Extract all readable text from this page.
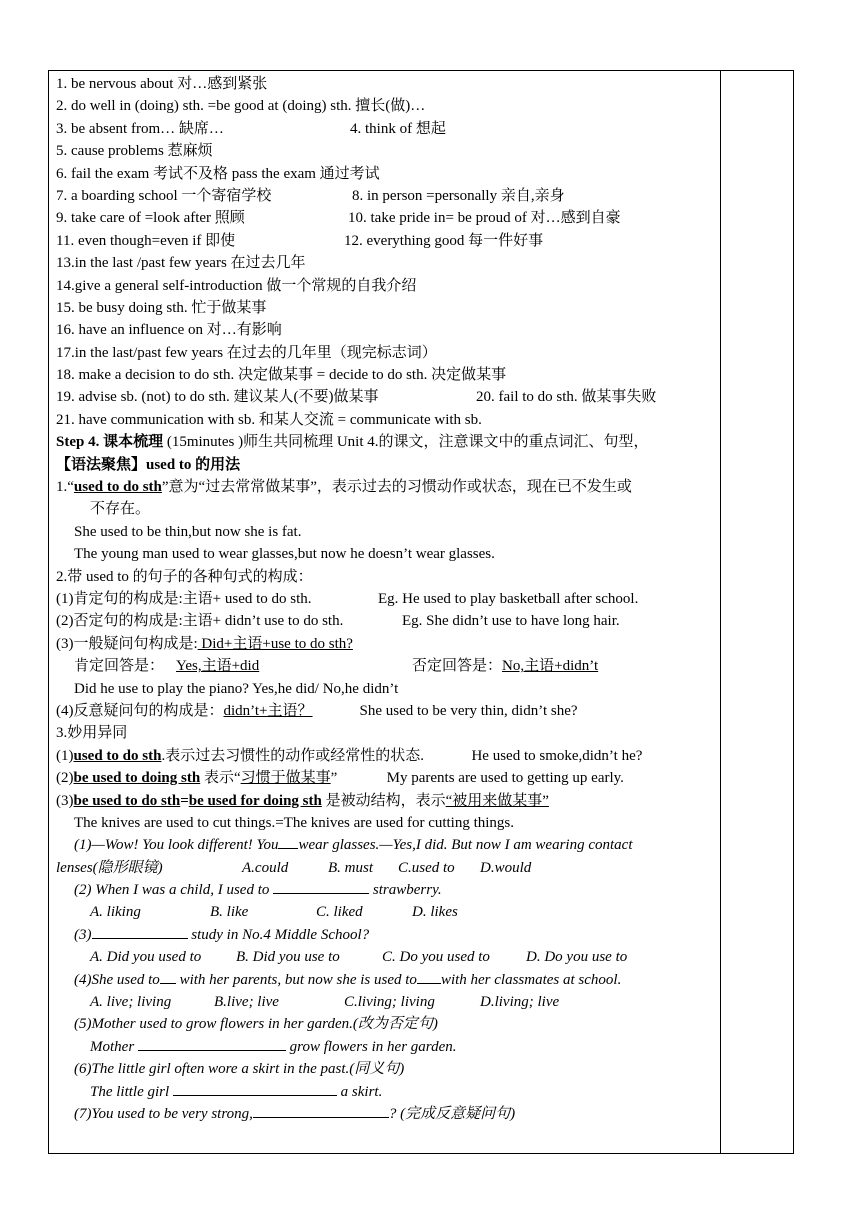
1. be nervous about 对…感到紧张
2. do well in (doing) sth. =be good at (doing) sth. 擅长(做)…
3. be absent from… 缺席…	4. think of 想起
5. cause problems 惹麻烦
6. fail the exam 考试不及格 pass the exam 通过考试
7. a boarding school 一个寄宿学校	8. in person =personally 亲自,亲身
9. take care of =look after 照顾	10. take pride in= be proud of 对…感到自豪
11. even though=even if 即使	12. everything good 每一件好事
13.in the last /past few years 在过去几年
14.give a general self-introduction 做一个常规的自我介绍
15. be busy doing sth. 忙于做某事
16. have an influence on 对…有影响
17.in the last/past few years 在过去的几年里（现完标志词）
18. make a decision to do sth. 决定做某事 = decide to do sth. 决定做某事
19. advise sb. (not) to do sth. 建议某人(不要)做某事	20. fail to do sth. 做某事失败
21. have communication with sb. 和某人交流 = communicate with sb.
Step 4. 课本梳理 (15minutes )师生共同梳理 Unit 4.的课文，注意课文中的重点词汇、句型，
【语法聚焦】used to 的用法
1.“used to do sth”意为“过去常常做某事”，表示过去的习惯动作或状态，现在已不发生或
不存在。
She used to be thin,but now she is fat.
The young man used to wear glasses,but now he doesn’t wear glasses.
2.带 used to 的句子的各种句式的构成：
(1)肯定句的构成是:主语+ used to do sth.	Eg. He used to play basketball after school.
(2)否定句的构成是:主语+ didn’t use to do sth.	Eg. She didn’t use to have long hair.
(3)一般疑问句构成是: Did+主语+use to do sth?
肯定回答是： Yes,主语+did	否定回答是：No,主语+didn’t
Did he use to play the piano? Yes,he did/ No,he didn’t
(4)反意疑问句的构成是：didn’t+主语？	She used to be very thin, didn’t she?
3.妙用异同
(1)used to do sth.表示过去习惯性的动作或经常性的状态.	He used to smoke,didn’t he?
(2)be used to doing sth 表示“习惯于做某事”	My parents are used to getting up early.
(3)be used to do sth=be used for doing sth 是被动结构，表示“被用来做某事”
The knives are used to cut things.=The knives are used for cutting things.
(1)—Wow! You look different! You wear glasses.—Yes,I did. But now I am wearing contact
lenses(隐形眼镜)	A.could	B. must C.used to D.would
(2) When I was a child, I used to	strawberry.
A. liking	B. like	C. liked	D. likes
(3)	study in No.4 Middle School?
A. Did you used to B. Did you use to	C. Do you used to D. Do you use to
(4)She used to with her parents, but now she is used to with her classmates at school.
A. live; living	B.live; live	C.living; living	D.living; live
(5)Mother used to grow flowers in her garden.(改为否定句)
Mother	grow flowers in her garden.
(6)The little girl often wore a skirt in the past.(同义句)
The little girl	a skirt.
(7)You used to be very strong,	? (完成反意疑问句)
